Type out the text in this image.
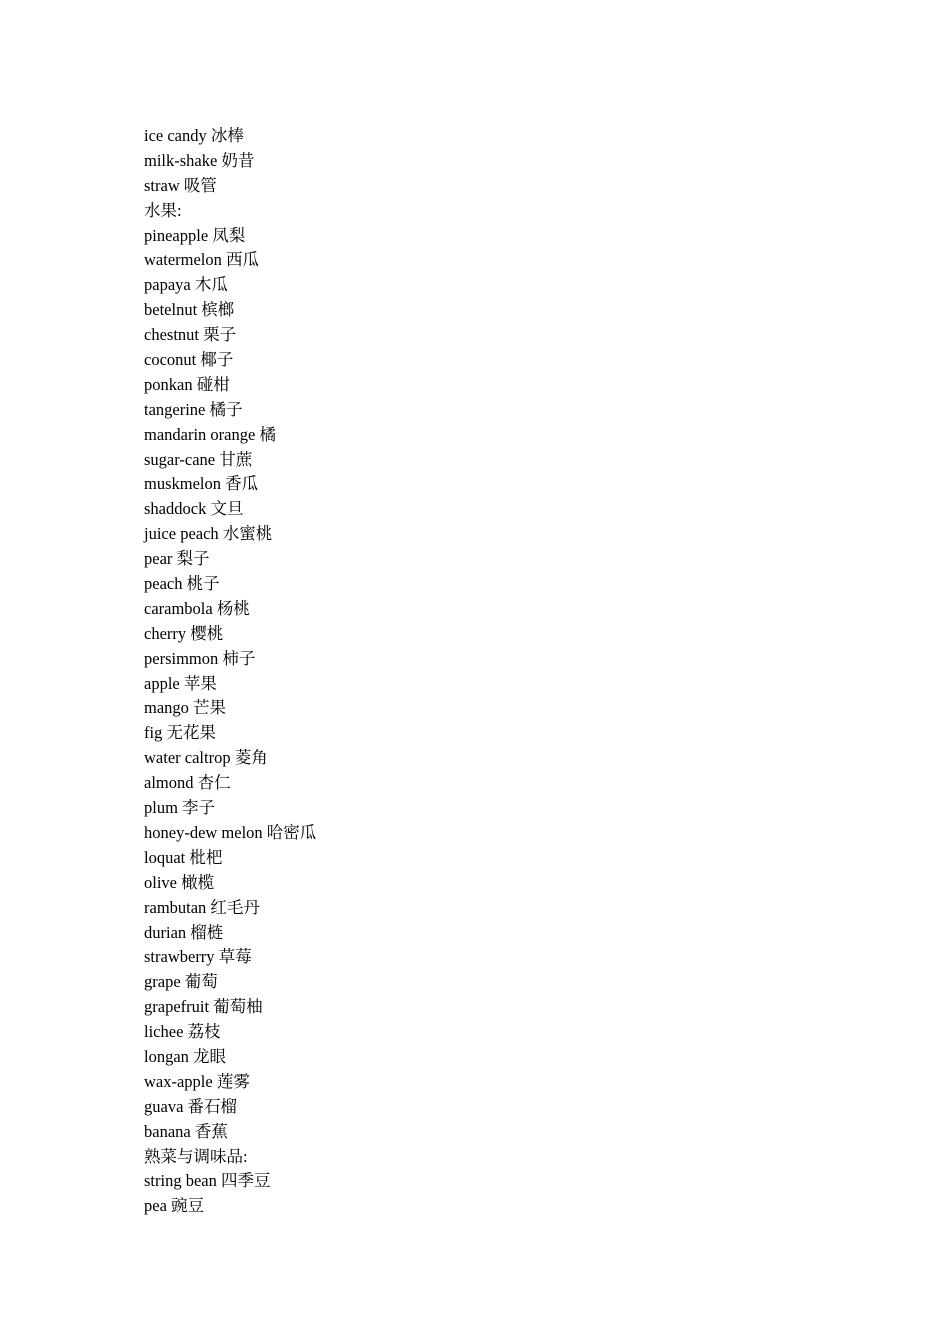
ice candy 冰棒
milk-shake 奶昔
straw 吸管
水果:
pineapple 凤梨
watermelon 西瓜
papaya 木瓜
betelnut 槟榔
chestnut 栗子
coconut 椰子
ponkan 碰柑
tangerine 橘子
mandarin orange 橘
sugar-cane 甘蔗
muskmelon 香瓜
shaddock 文旦
juice peach 水蜜桃
pear 梨子
peach 桃子
carambola 杨桃
cherry 樱桃
persimmon 柿子
apple 苹果
mango 芒果
fig 无花果
water caltrop 菱角
almond 杏仁
plum 李子
honey-dew melon 哈密瓜
loquat 枇杷
olive 橄榄
rambutan 红毛丹
durian 榴梿
strawberry 草莓
grape 葡萄
grapefruit 葡萄柚
lichee 荔枝
longan 龙眼
wax-apple 莲雾
guava 番石榴
banana 香蕉
熟菜与调味品:
string bean 四季豆
pea 豌豆
